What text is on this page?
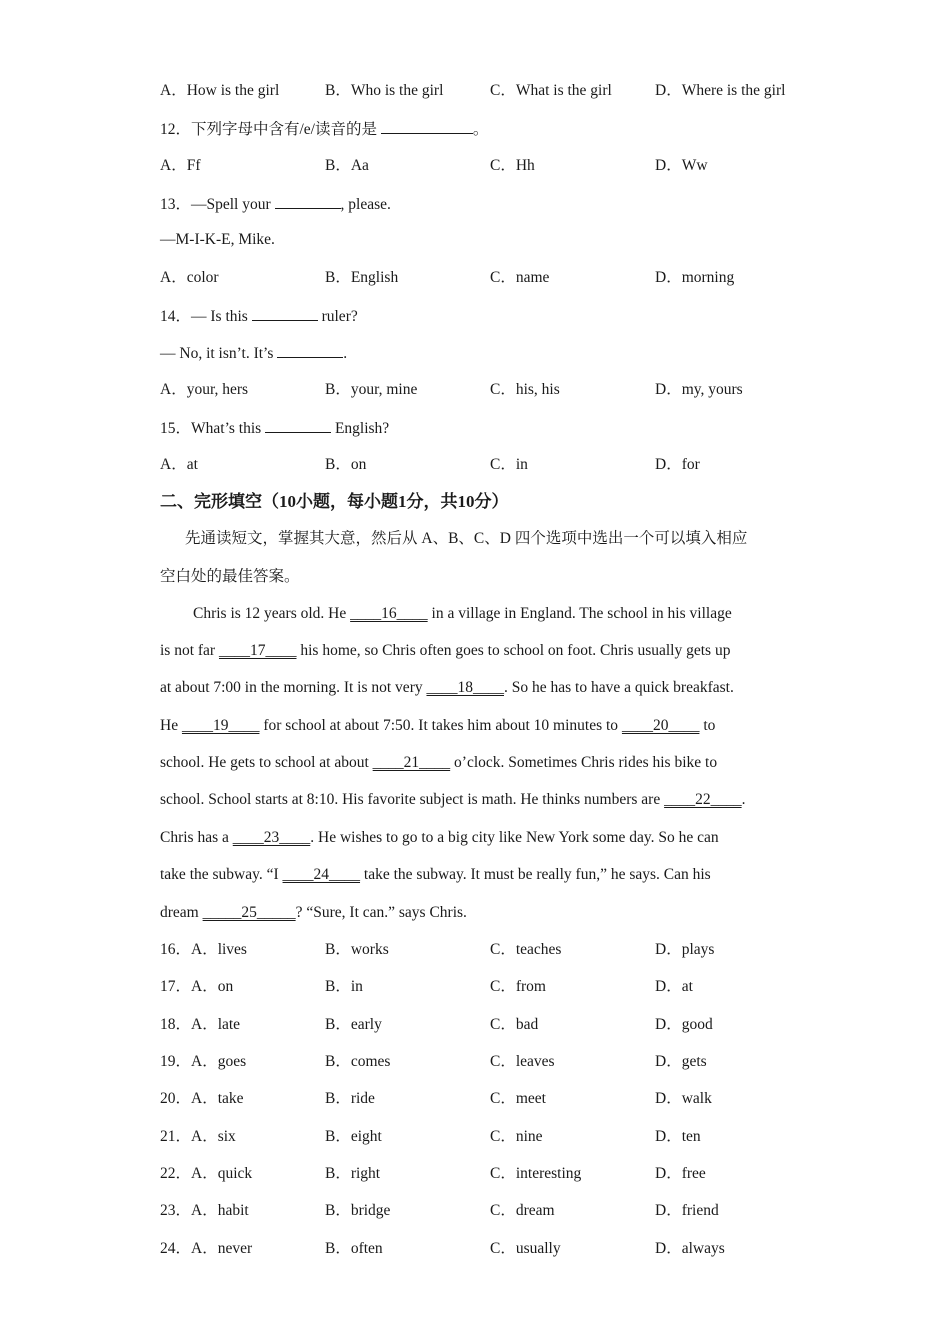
A．How is the girl	B．Who is the girl	C．What is the girl	D．Where is the girl
12．下列字母中含有/e/读音的是	。
A．Ff	B．Aa	C．Hh	D．Ww
13．—Spell your	, please.
—M-I-K-E, Mike.
A．color	B．English	C．name	D．morning
14．— Is this	ruler?
— No, it isn’t. It’s	.
A．your, hers	B．your, mine	C．his, his	D．my, yours
15．What’s this	English?
A．at	B．on	C．in	D．for
二、完形填空（10小题，每小题1分，共10分）
先通读短文，掌握其大意，然后从 A、B、C、D 四个选项中选出一个可以填入相应
空白处的最佳答案。
Chris is 12 years old. He ____16____ in a village in England. The school in his village
is not far ____17____ his home, so Chris often goes to school on foot. Chris usually gets up
at about 7:00 in the morning. It is not very ____18____. So he has to have a quick breakfast.
He ____19____ for school at about 7:50. It takes him about 10 minutes to ____20____ to
school. He gets to school at about ____21____ o’clock. Sometimes Chris rides his bike to
school. School starts at 8:10. His favorite subject is math. He thinks numbers are ____22____.
Chris has a ____23____. He wishes to go to a big city like New York some day. So he can
take the subway. “I ____24____ take the subway. It must be really fun,” he says. Can his
dream _____25_____? “Sure, It can.” says Chris.
16．A．lives	B．works	C．teaches	D．plays
17．A．on	B．in	C．from	D．at
18．A．late	B．early	C．bad	D．good
19．A．goes	B．comes	C．leaves	D．gets
20．A．take	B．ride	C．meet	D．walk
21．A．six	B．eight	C．nine	D．ten
22．A．quick	B．right	C．interesting	D．free
23．A．habit	B．bridge	C．dream	D．friend
24．A．never	B．often	C．usually	D．always
